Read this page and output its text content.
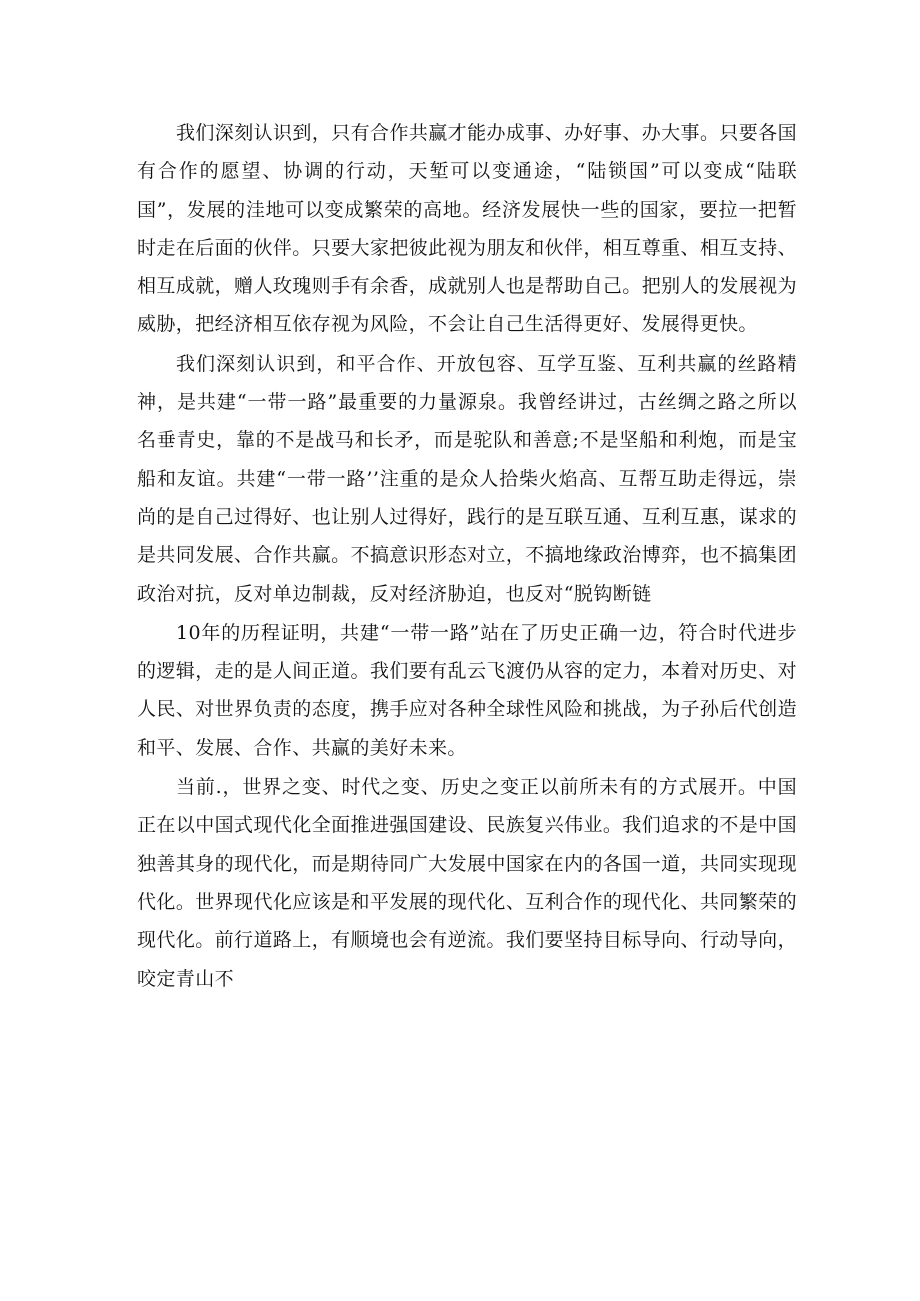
我们深刻认识到，只有合作共赢才能办成事、办好事、办大事。只要各国有合作的愿望、协调的行动，天堑可以变通途，“陆锁国”可以变成“陆联国”，发展的洼地可以变成繁荣的高地。经济发展快一些的国家，要拉一把暂时走在后面的伙伴。只要大家把彼此视为朋友和伙伴，相互尊重、相互支持、相互成就，赠人玫瑰则手有余香，成就别人也是帮助自己。把别人的发展视为威胁，把经济相互依存视为风险，不会让自己生活得更好、发展得更快。

我们深刻认识到，和平合作、开放包容、互学互鉴、互利共赢的丝路精神，是共建“一带一路”最重要的力量源泉。我曾经讲过，古丝绸之路之所以名垂青史，靠的不是战马和长矛，而是驼队和善意;不是坚船和利炮，而是宝船和友谊。共建“一带一路’’注重的是众人拾柴火焰高、互帮互助走得远，崇尚的是自己过得好、也让别人过得好，践行的是互联互通、互利互惠，谋求的是共同发展、合作共赢。不搞意识形态对立，不搞地缘政治博弈，也不搞集团政治对抗，反对单边制裁，反对经济胁迫，也反对“脱钩断链

10年的历程证明，共建“一带一路”站在了历史正确一边，符合时代进步的逻辑，走的是人间正道。我们要有乱云飞渡仍从容的定力，本着对历史、对人民、对世界负责的态度，携手应对各种全球性风险和挑战，为子孙后代创造和平、发展、合作、共赢的美好未来。

当前.，世界之变、时代之变、历史之变正以前所未有的方式展开。中国正在以中国式现代化全面推进强国建设、民族复兴伟业。我们追求的不是中国独善其身的现代化，而是期待同广大发展中国家在内的各国一道，共同实现现代化。世界现代化应该是和平发展的现代化、互利合作的现代化、共同繁荣的现代化。前行道路上，有顺境也会有逆流。我们要坚持目标导向、行动导向，咬定青山不
